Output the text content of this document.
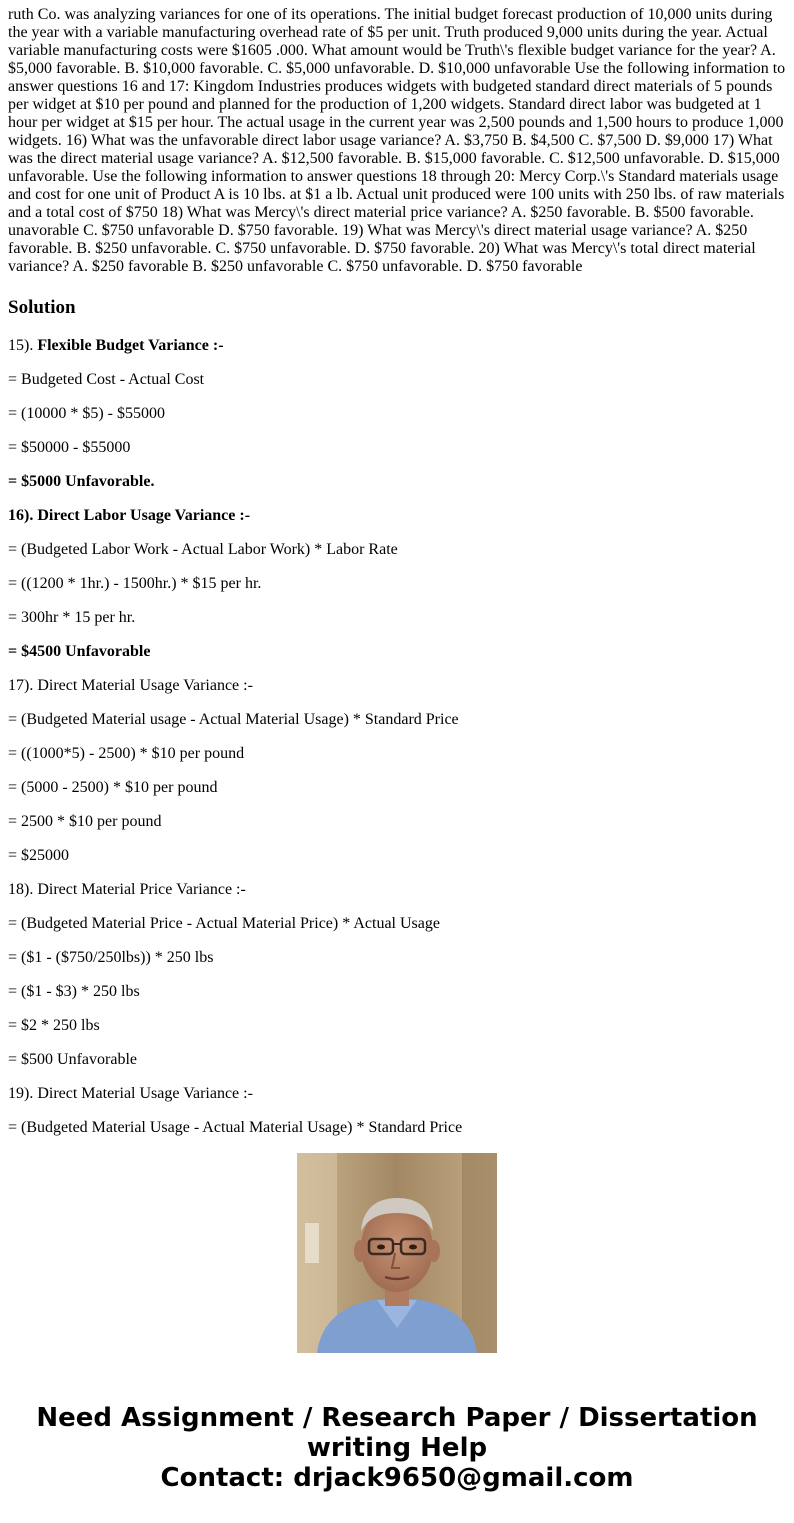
ruth Co. was analyzing variances for one of its operations. The initial budget forecast production of 10,000 units during the year with a variable manufacturing overhead rate of $5 per unit. Truth produced 9,000 units during the year. Actual variable manufacturing costs were $1605 .000. What amount would be Truth\'s flexible budget variance for the year? A. $5,000 favorable. B. $10,000 favorable. C. $5,000 unfavorable. D. $10,000 unfavorable Use the following information to answer questions 16 and 17: Kingdom Industries produces widgets with budgeted standard direct materials of 5 pounds per widget at $10 per pound and planned for the production of 1,200 widgets. Standard direct labor was budgeted at 1 hour per widget at $15 per hour. The actual usage in the current year was 2,500 pounds and 1,500 hours to produce 1,000 widgets. 16) What was the unfavorable direct labor usage variance? A. $3,750 B. $4,500 C. $7,500 D. $9,000 17) What was the direct material usage variance? A. $12,500 favorable. B. $15,000 favorable. C. $12,500 unfavorable. D. $15,000 unfavorable. Use the following information to answer questions 18 through 20: Mercy Corp.\'s Standard materials usage and cost for one unit of Product A is 10 lbs. at $1 a lb. Actual unit produced were 100 units with 250 lbs. of raw materials and a total cost of $750 18) What was Mercy\'s direct material price variance? A. $250 favorable. B. $500 favorable. unavorable C. $750 unfavorable D. $750 favorable. 19) What was Mercy\'s direct material usage variance? A. $250 favorable. B. $250 unfavorable. C. $750 unfavorable. D. $750 favorable. 20) What was Mercy\'s total direct material variance? A. $250 favorable B. $250 unfavorable C. $750 unfavorable. D. $750 favorable

Solution

15). Flexible Budget Variance :-

= Budgeted Cost - Actual Cost

= (10000 * $5) - $55000

= $50000 - $55000

= $5000 Unfavorable.

16). Direct Labor Usage Variance :-

= (Budgeted Labor Work - Actual Labor Work) * Labor Rate

= ((1200 * 1hr.) - 1500hr.) * $15 per hr.

= 300hr * 15 per hr.

= $4500 Unfavorable

17). Direct Material Usage Variance :-

= (Budgeted Material usage - Actual Material Usage) * Standard Price

= ((1000*5) - 2500) * $10 per pound

= (5000 - 2500) * $10 per pound

= 2500 * $10 per pound

= $25000

18). Direct Material Price Variance :-

= (Budgeted Material Price - Actual Material Price) * Actual Usage

= ($1 - ($750/250lbs)) * 250 lbs

= ($1 - $3) * 250 lbs

= $2 * 250 lbs

= $500 Unfavorable

19). Direct Material Usage Variance :-

= (Budgeted Material Usage - Actual Material Usage) * Standard Price

Need Assignment / Research Paper / Dissertation
writing Help
Contact: drjack9650@gmail.com
